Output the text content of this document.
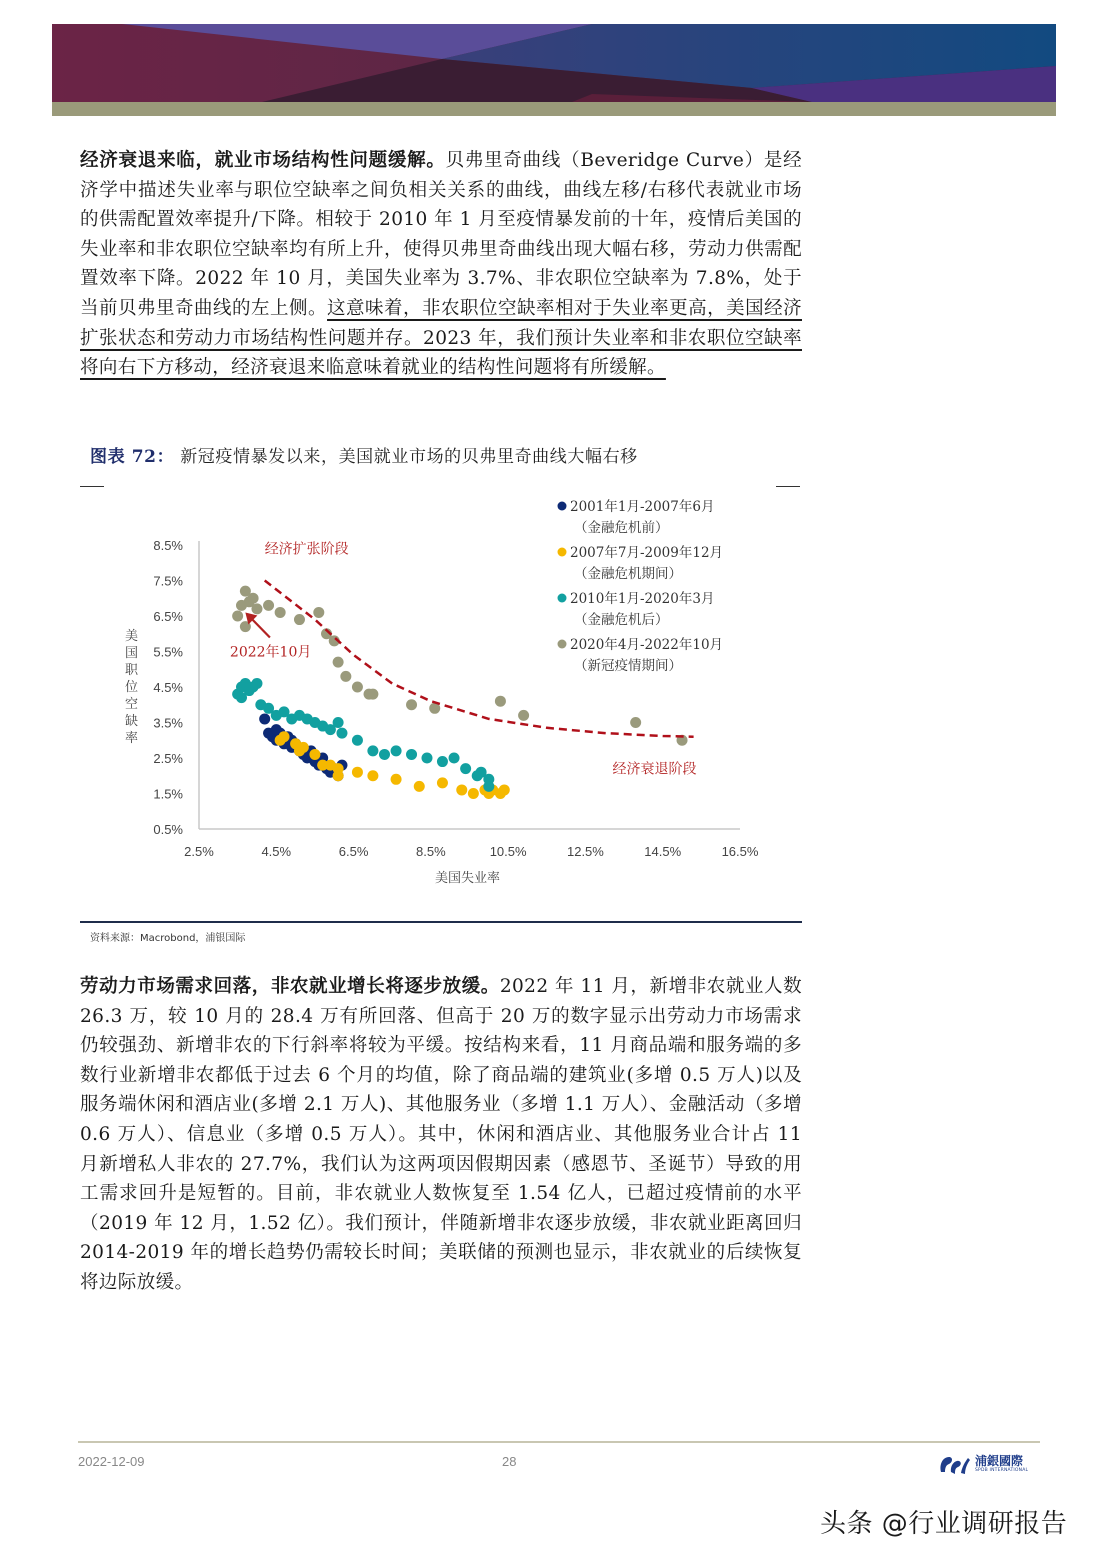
经济衰退来临，就业市场结构性问题缓解。贝弗里奇曲线（Beveridge Curve）是经济学中描述失业率与职位空缺率之间负相关关系的曲线，曲线左移/右移代表就业市场的供需配置效率提升/下降。相较于 2010 年 1 月至疫情暴发前的十年，疫情后美国的失业率和非农职位空缺率均有所上升，使得贝弗里奇曲线出现大幅右移，劳动力供需配置效率下降。2022 年 10 月，美国失业率为 3.7%、非农职位空缺率为 7.8%，处于当前贝弗里奇曲线的左上侧。这意味着，非农职位空缺率相对于失业率更高，美国经济扩张状态和劳动力市场结构性问题并存。2023 年，我们预计失业率和非农职位空缺率将向右下方移动，经济衰退来临意味着就业的结构性问题将有所缓解。
图表 72： 新冠疫情暴发以来，美国就业市场的贝弗里奇曲线大幅右移
8.5%
7.5%
6.5%
5.5%
4.5%
3.5%
2.5%
1.5%
0.5%
2.5%	4.5%	6.5%	8.5%	10.5%	12.5%	14.5%	16.5%
美国失业率
美国职位空缺率
经济扩张阶段
经济衰退阶段
2022年10月
2001年1月-2007年6月
（金融危机前）
2007年7月-2009年12月
（金融危机期间）
2010年1月-2020年3月
（金融危机后）
2020年4月-2022年10月
（新冠疫情期间）
资料来源：Macrobond，浦银国际
劳动力市场需求回落，非农就业增长将逐步放缓。2022 年 11 月，新增非农就业人数 26.3 万，较 10 月的 28.4 万有所回落、但高于 20 万的数字显示出劳动力市场需求仍较强劲、新增非农的下行斜率将较为平缓。按结构来看，11 月商品端和服务端的多数行业新增非农都低于过去 6 个月的均值，除了商品端的建筑业(多增 0.5 万人)以及服务端休闲和酒店业(多增 2.1 万人)、其他服务业（多增 1.1 万人）、金融活动（多增 0.6 万人）、信息业（多增 0.5 万人）。其中，休闲和酒店业、其他服务业合计占 11 月新增私人非农的 27.7%，我们认为这两项因假期因素（感恩节、圣诞节）导致的用工需求回升是短暂的。目前，非农就业人数恢复至 1.54 亿人，已超过疫情前的水平（2019 年 12 月，1.52 亿）。我们预计，伴随新增非农逐步放缓，非农就业距离回归 2014-2019 年的增长趋势仍需较长时间；美联储的预测也显示，非农就业的后续恢复将边际放缓。
2022-12-09	28	浦銀國際
SPDB INTERNATIONAL
头条 @行业调研报告
